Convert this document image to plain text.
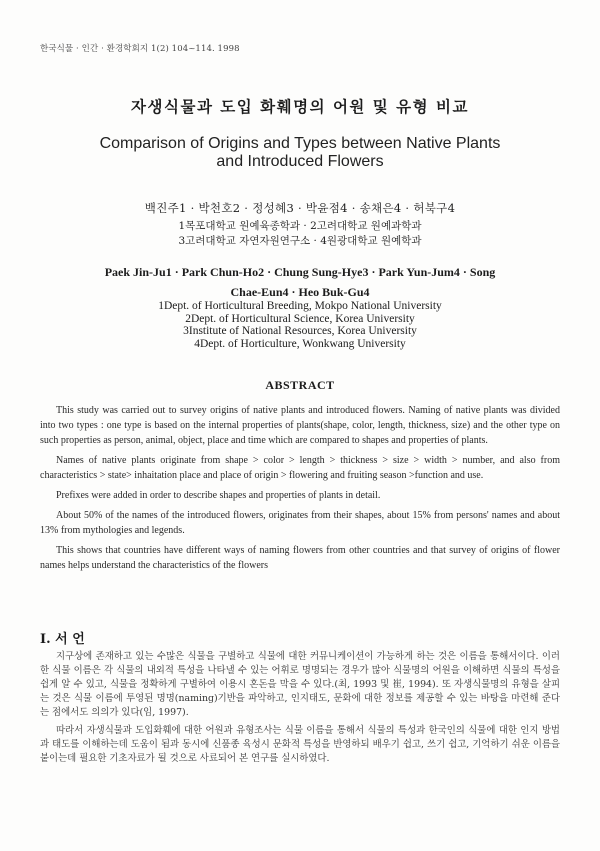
한국식물 · 인간 · 환경학회지 1(2) 104~114. 1998
자생식물과 도입 화훼명의 어원 및 유형 비교
Comparison of Origins and Types between Native Plants
and Introduced Flowers
백진주1 · 박천호2 · 정성혜3 · 박윤점4 · 송채은4 · 허북구4
1목포대학교 원예육종학과 · 2고려대학교 원예과학과
3고려대학교 자연자원연구소 · 4원광대학교 원예학과
Paek Jin-Ju1 · Park Chun-Ho2 · Chung Sung-Hye3 · Park Yun-Jum4 · Song
Chae-Eun4 · Heo Buk-Gu4
1Dept. of Horticultural Breeding, Mokpo National University
2Dept. of Horticultural Science, Korea University
3Institute of National Resources, Korea University
4Dept. of Horticulture, Wonkwang University
ABSTRACT

This study was carried out to survey origins of native plants and introduced flowers. Naming of native plants was divided into two types : one type is based on the internal properties of plants(shape, color, length, thickness, size) and the other type on such properties as person, animal, object, place and time which are compared to shapes and properties of plants.

Names of native plants originate from shape > color > length > thickness > size > width > number, and also from characteristics > state> inhaitation place and place of origin > flowering and fruiting season >function and use.

Prefixes were added in order to describe shapes and properties of plants in detail.

About 50% of the names of the introduced flowers, originates from their shapes, about 15% from persons' names and about 13% from mythologies and legends.

This shows that countries have different ways of naming flowers from other countries and that survey of origins of flower names helps understand the characteristics of the flowers

I. 서 언

지구상에 존재하고 있는 수많은 식물을 구별하고 식물에 대한 커뮤니케이션이 가능하게 하는 것은 이름을 통해서이다. 이러한 식물 이름은 각 식물의 내외적 특성을 나타낼 수 있는 어휘로 명명되는 경우가 많아 식물명의 어원을 이해하면 식물의 특성을 쉽게 알 수 있고, 식물을 정확하게 구별하여 이용시 혼돈을 막을 수 있다.(최, 1993 및 崔, 1994). 또 자생식물명의 유형을 살피는 것은 식물 이름에 투영된 명명(naming)기반을 파악하고, 인지태도, 문화에 대한 정보를 제공할 수 있는 바탕을 마련해 준다는 점에서도 의의가 있다(임, 1997).

따라서 자생식물과 도입화훼에 대한 어원과 유형조사는 식물 이름을 통해서 식물의 특성과 한국인의 식물에 대한 인지 방법과 태도를 이해하는데 도움이 됨과 동시에 신품종 육성시 문화적 특성을 반영하되 배우기 쉽고, 쓰기 쉽고, 기억하기 쉬운 이름을 붙이는데 필요한 기초자료가 될 것으로 사료되어 본 연구를 실시하였다.
